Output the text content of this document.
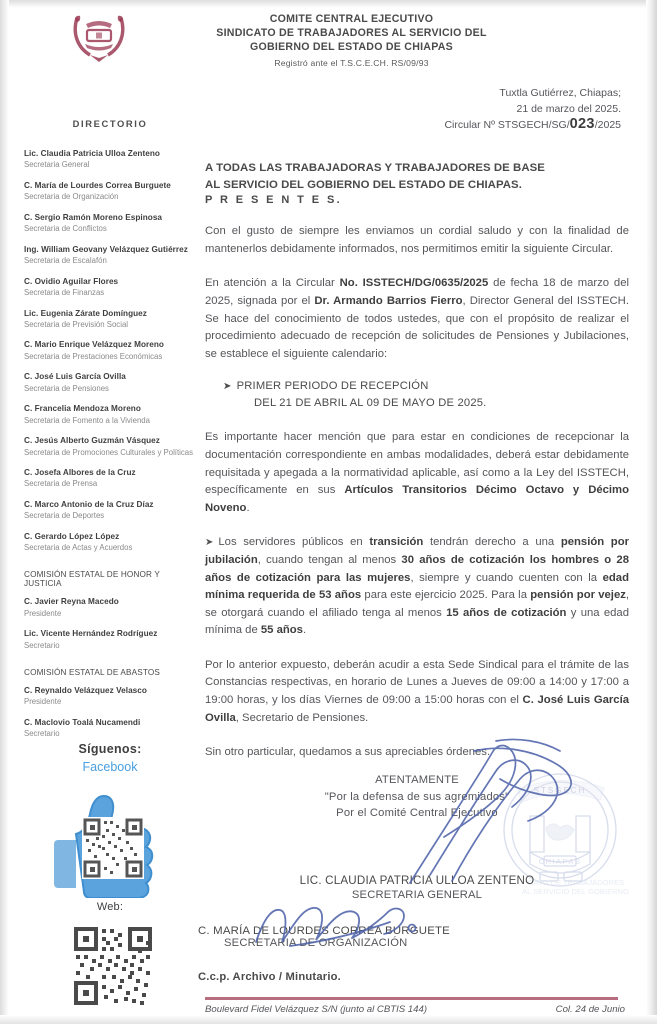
COMITE CENTRAL EJECUTIVO
SINDICATO DE TRABAJADORES AL SERVICIO DEL
GOBIERNO DEL ESTADO DE CHIAPAS
Registró ante el T.S.C.E.CH. RS/09/93
Tuxtla Gutiérrez, Chiapas;
21 de marzo del 2025.
Circular Nº STSGECH/SG/023/2025
DIRECTORIO
Lic. Claudia Patricia Ulloa Zenteno
Secretaria General
C. María de Lourdes Correa Burguete
Secretaria de Organización
C. Sergio Ramón Moreno Espinosa
Secretaria de Conflictos
Ing. William Geovany Velázquez Gutiérrez
Secretaria de Escalafón
C. Ovidio Aguilar Flores
Secretaria de Finanzas
Lic. Eugenia Zárate Domínguez
Secretaria de Previsión Social
C. Mario Enrique Velázquez Moreno
Secretaria de Prestaciones Económicas
C. José Luis García Ovilla
Secretaria de Pensiones
C. Francelia Mendoza Moreno
Secretaria de Fomento a la Vivienda
C. Jesús Alberto Guzmán Vásquez
Secretaria de Promociones Culturales y Políticas
C. Josefa Albores de la Cruz
Secretaria de Prensa
C. Marco Antonio de la Cruz Díaz
Secretaria de Deportes
C. Gerardo López López
Secretaria de Actas y Acuerdos
COMISIÓN ESTATAL DE HONOR Y JUSTICIA
C. Javier Reyna Macedo
Presidente
Lic. Vicente Hernández Rodríguez
Secretario
COMISIÓN ESTATAL DE ABASTOS
C. Reynaldo Velázquez Velasco
Presidente
C. Maclovio Toalá Nucamendi
Secretario
Síguenos:
Facebook
Web:
A TODAS LAS TRABAJADORAS Y TRABAJADORES DE BASE
AL SERVICIO DEL GOBIERNO DEL ESTADO DE CHIAPAS.
P R E S E N T E S.

Con el gusto de siempre les enviamos un cordial saludo y con la finalidad de mantenerlos debidamente informados, nos permitimos emitir la siguiente Circular.

En atención a la Circular No. ISSTECH/DG/0635/2025 de fecha 18 de marzo del 2025, signada por el Dr. Armando Barrios Fierro, Director General del ISSTECH. Se hace del conocimiento de todos ustedes, que con el propósito de realizar el procedimiento adecuado de recepción de solicitudes de Pensiones y Jubilaciones, se establece el siguiente calendario:

➤ PRIMER PERIODO DE RECEPCIÓN
DEL 21 DE ABRIL AL 09 DE MAYO DE 2025.

Es importante hacer mención que para estar en condiciones de recepcionar la documentación correspondiente en ambas modalidades, deberá estar debidamente requisitada y apegada a la normatividad aplicable, así como a la Ley del ISSTECH, específicamente en sus Artículos Transitorios Décimo Octavo y Décimo Noveno.

➤ Los servidores públicos en transición tendrán derecho a una pensión por jubilación, cuando tengan al menos 30 años de cotización los hombres o 28 años de cotización para las mujeres, siempre y cuando cuenten con la edad mínima requerida de 53 años para este ejercicio 2025. Para la pensión por vejez, se otorgará cuando el afiliado tenga al menos 15 años de cotización y una edad mínima de 55 años.

Por lo anterior expuesto, deberán acudir a esta Sede Sindical para el trámite de las Constancias respectivas, en horario de Lunes a Jueves de 09:00 a 14:00 y 17:00 a 19:00 horas, y los días Viernes de 09:00 a 15:00 horas con el C. José Luis García Ovilla, Secretario de Pensiones.

Sin otro particular, quedamos a sus apreciables órdenes.

STSGECH
CHIAPAS
CATO DE TRABAJADORES
AL SERVICIO DEL GOBIERNO
ATENTAMENTE
"Por la defensa de sus agremiados"
Por el Comité Central Ejecutivo
LIC. CLAUDIA PATRICIA ULLOA ZENTENO
SECRETARIA GENERAL
C. MARÍA DE LOURDES CORREA BURGUETE
SECRETARIA DE ORGANIZACIÓN
C.c.p. Archivo / Minutario.
Boulevard Fidel Velázquez S/N (junto al CBTIS 144)	Col. 24 de Junio
